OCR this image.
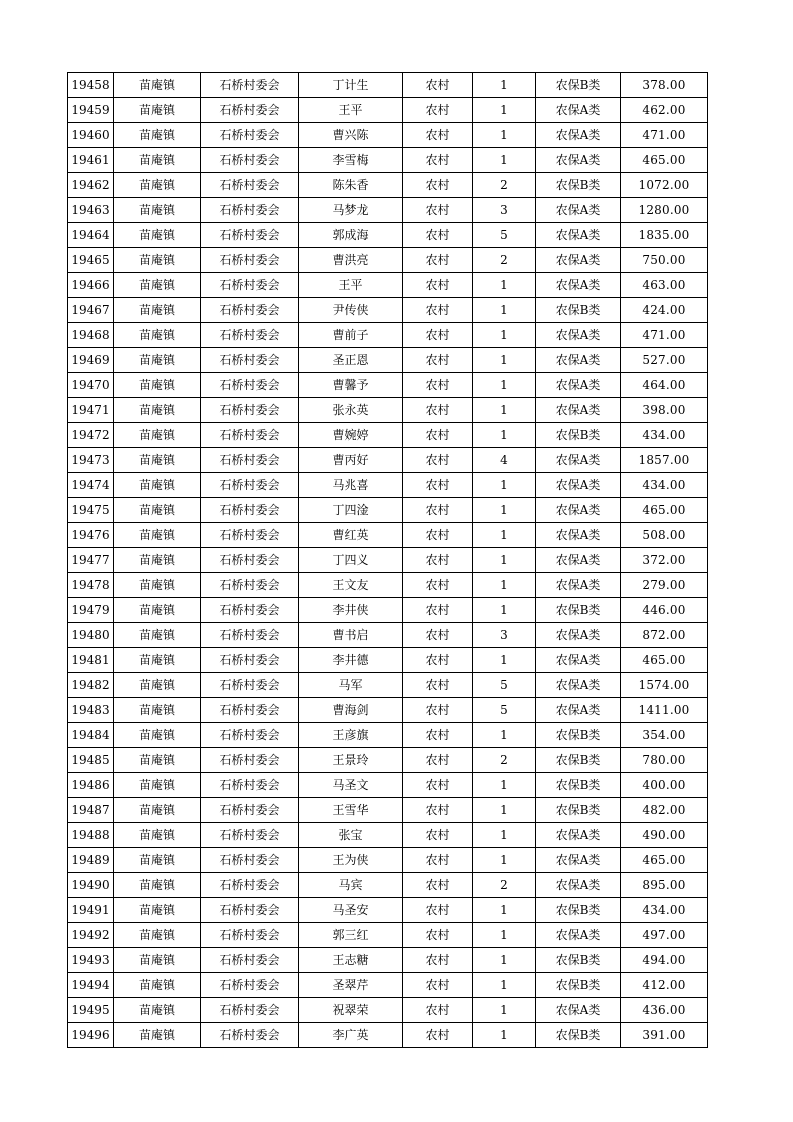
19458	苗庵镇	石桥村委会	丁计生	农村	1	农保B类	378.00
19459	苗庵镇	石桥村委会	王平	农村	1	农保A类	462.00
19460	苗庵镇	石桥村委会	曹兴陈	农村	1	农保A类	471.00
19461	苗庵镇	石桥村委会	李雪梅	农村	1	农保A类	465.00
19462	苗庵镇	石桥村委会	陈朱香	农村	2	农保B类	1072.00
19463	苗庵镇	石桥村委会	马梦龙	农村	3	农保A类	1280.00
19464	苗庵镇	石桥村委会	郭成海	农村	5	农保A类	1835.00
19465	苗庵镇	石桥村委会	曹洪亮	农村	2	农保A类	750.00
19466	苗庵镇	石桥村委会	王平	农村	1	农保A类	463.00
19467	苗庵镇	石桥村委会	尹传侠	农村	1	农保B类	424.00
19468	苗庵镇	石桥村委会	曹前子	农村	1	农保A类	471.00
19469	苗庵镇	石桥村委会	圣正恩	农村	1	农保A类	527.00
19470	苗庵镇	石桥村委会	曹馨予	农村	1	农保A类	464.00
19471	苗庵镇	石桥村委会	张永英	农村	1	农保A类	398.00
19472	苗庵镇	石桥村委会	曹婉婷	农村	1	农保B类	434.00
19473	苗庵镇	石桥村委会	曹丙好	农村	4	农保A类	1857.00
19474	苗庵镇	石桥村委会	马兆喜	农村	1	农保A类	434.00
19475	苗庵镇	石桥村委会	丁四淦	农村	1	农保A类	465.00
19476	苗庵镇	石桥村委会	曹红英	农村	1	农保A类	508.00
19477	苗庵镇	石桥村委会	丁四义	农村	1	农保A类	372.00
19478	苗庵镇	石桥村委会	王文友	农村	1	农保A类	279.00
19479	苗庵镇	石桥村委会	李井侠	农村	1	农保B类	446.00
19480	苗庵镇	石桥村委会	曹书启	农村	3	农保A类	872.00
19481	苗庵镇	石桥村委会	李井德	农村	1	农保A类	465.00
19482	苗庵镇	石桥村委会	马军	农村	5	农保A类	1574.00
19483	苗庵镇	石桥村委会	曹海剑	农村	5	农保A类	1411.00
19484	苗庵镇	石桥村委会	王彦旗	农村	1	农保B类	354.00
19485	苗庵镇	石桥村委会	王景玲	农村	2	农保B类	780.00
19486	苗庵镇	石桥村委会	马圣文	农村	1	农保B类	400.00
19487	苗庵镇	石桥村委会	王雪华	农村	1	农保B类	482.00
19488	苗庵镇	石桥村委会	张宝	农村	1	农保A类	490.00
19489	苗庵镇	石桥村委会	王为侠	农村	1	农保A类	465.00
19490	苗庵镇	石桥村委会	马宾	农村	2	农保A类	895.00
19491	苗庵镇	石桥村委会	马圣安	农村	1	农保B类	434.00
19492	苗庵镇	石桥村委会	郭三红	农村	1	农保A类	497.00
19493	苗庵镇	石桥村委会	王志糖	农村	1	农保B类	494.00
19494	苗庵镇	石桥村委会	圣翠芹	农村	1	农保B类	412.00
19495	苗庵镇	石桥村委会	祝翠荣	农村	1	农保A类	436.00
19496	苗庵镇	石桥村委会	李广英	农村	1	农保B类	391.00
